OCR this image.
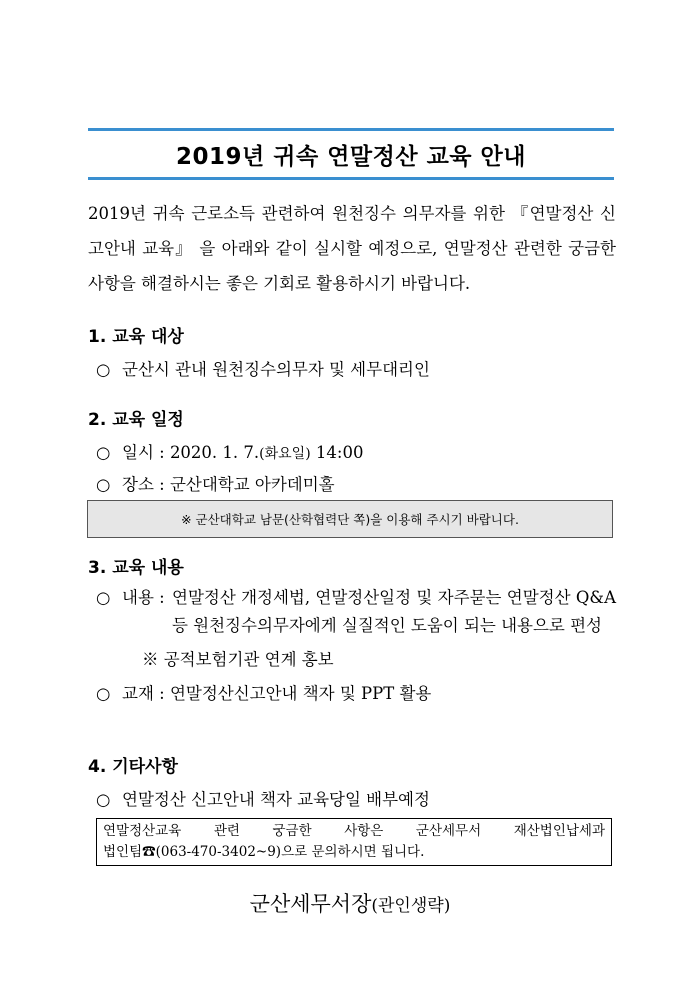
2019년 귀속 연말정산 교육 안내
2019년 귀속 근로소득 관련하여 원천징수 의무자를 위한 『연말정산 신고안내 교육』 을 아래와 같이 실시할 예정으로, 연말정산 관련한 궁금한 사항을 해결하시는 좋은 기회로 활용하시기 바랍니다.
1. 교육 대상
○ 군산시 관내 원천징수의무자 및 세무대리인
2. 교육 일정
○ 일시 : 2020. 1. 7.(화요일) 14:00
○ 장소 : 군산대학교 아카데미홀
※ 군산대학교 남문(산학협력단 쪽)을 이용해 주시기 바랍니다.
3. 교육 내용
○ 내용 : 연말정산 개정세법, 연말정산일정 및 자주묻는 연말정산 Q&A등 원천징수의무자에게 실질적인 도움이 되는 내용으로 편성
※ 공적보험기관 연계 홍보
○ 교재 : 연말정산신고안내 책자 및 PPT 활용
4. 기타사항
○ 연말정산 신고안내 책자 교육당일 배부예정
연말정산교육 관련 궁금한 사항은 군산세무서 재산법인납세과
법인팀☎(063-470-3402~9)으로 문의하시면 됩니다.
군산세무서장(관인생략)
